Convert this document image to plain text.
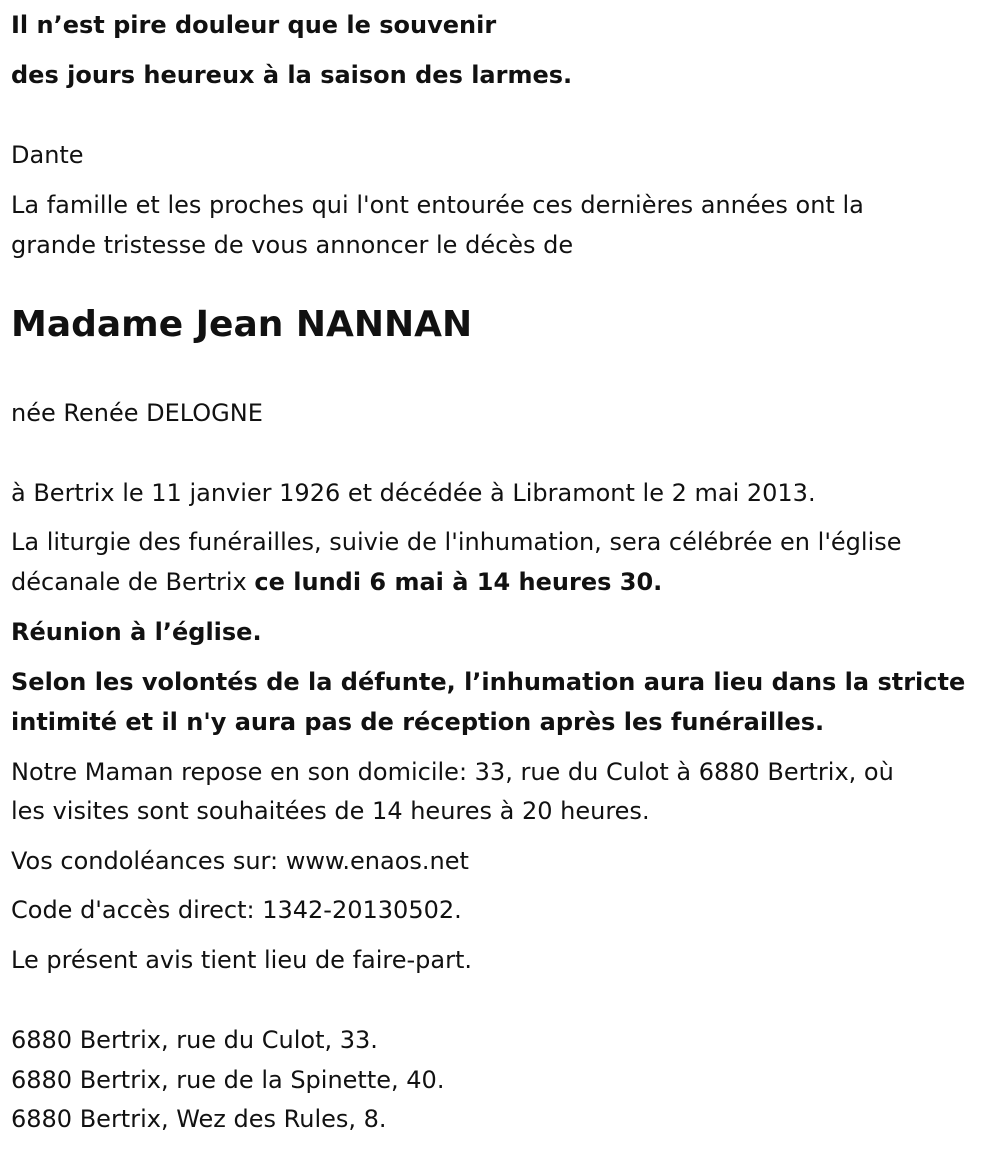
Il n’est pire douleur que le souvenir

des jours heureux à la saison des larmes.

Dante

La famille et les proches qui l'ont entourée ces dernières années ont la

grande tristesse de vous annoncer le décès de

Madame Jean NANNAN

née Renée DELOGNE

à Bertrix le 11 janvier 1926 et décédée à Libramont le 2 mai 2013.

La liturgie des funérailles, suivie de l'inhumation, sera célébrée en l'église

décanale de Bertrix ce lundi 6 mai à 14 heures 30.

Réunion à l’église.

Selon les volontés de la défunte, l’inhumation aura lieu dans la stricte

intimité et il n'y aura pas de réception après les funérailles.

Notre Maman repose en son domicile: 33, rue du Culot à 6880 Bertrix, où

les visites sont souhaitées de 14 heures à 20 heures.

Vos condoléances sur: www.enaos.net

Code d'accès direct: 1342-20130502.

Le présent avis tient lieu de faire-part.

6880 Bertrix, rue du Culot, 33.

6880 Bertrix, rue de la Spinette, 40.

6880 Bertrix, Wez des Rules, 8.
